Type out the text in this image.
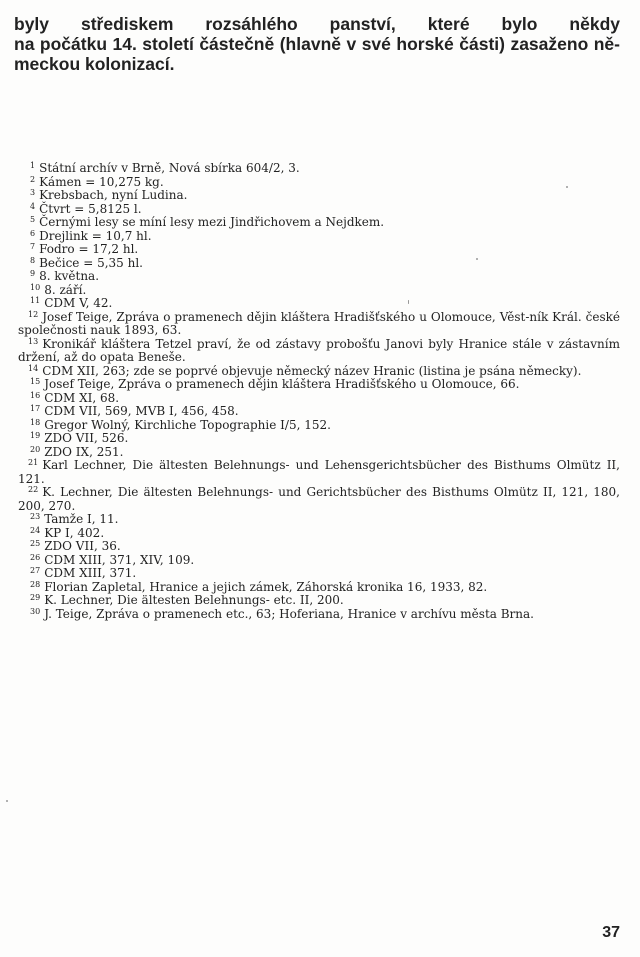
byly střediskem rozsáhlého panství, které bylo někdy
na počátku 14. století částečně (hlavně v své horské části) zasaženo ně-
meckou kolonizací.
$^1$ Státní archív v Brně, Nová sbírka 604/2, 3.
$^2$ Kámen = 10,275 kg.
$^3$ Krebsbach, nyní Ludina.
$^4$ Čtvrt = 5,8125 l.
$^5$ Černými lesy se míní lesy mezi Jindřichovem a Nejdkem.
$^6$ Drejlink = 10,7 hl.
$^7$ Fodro = 17,2 hl.
$^8$ Bečice = 5,35 hl.
$^9$ 8. května.
$^{10}$ 8. září.
$^{11}$ CDM V, 42.
$^{12}$ Josef Teige, Zpráva o pramenech dějin kláštera Hradišťského u Olomouce, Věst-ník Král. české společnosti nauk 1893, 63.
$^{13}$ Kronikář kláštera Tetzel praví, že od zástavy probošťu Janovi byly Hranice stále v zástavním držení, až do opata Beneše.
$^{14}$ CDM XII, 263; zde se poprvé objevuje německý název Hranic (listina je psána německy).
$^{15}$ Josef Teige, Zpráva o pramenech dějin kláštera Hradišťského u Olomouce, 66.
$^{16}$ CDM XI, 68.
$^{17}$ CDM VII, 569, MVB I, 456, 458.
$^{18}$ Gregor Wolný, Kirchliche Topographie I/5, 152.
$^{19}$ ZDO VII, 526.
$^{20}$ ZDO IX, 251.
$^{21}$ Karl Lechner, Die ältesten Belehnungs- und Lehensgerichtsbücher des Bisthums Olmütz II, 121.
$^{22}$ K. Lechner, Die ältesten Belehnungs- und Gerichtsbücher des Bisthums Olmütz II, 121, 180, 200, 270.
$^{23}$ Tamže I, 11.
$^{24}$ KP I, 402.
$^{25}$ ZDO VII, 36.
$^{26}$ CDM XIII, 371, XIV, 109.
$^{27}$ CDM XIII, 371.
$^{28}$ Florian Zapletal, Hranice a jejich zámek, Záhorská kronika 16, 1933, 82.
$^{29}$ K. Lechner, Die ältesten Belehnungs- etc. II, 200.
$^{30}$ J. Teige, Zpráva o pramenech etc., 63; Hoferiana, Hranice v archívu města Brna.
37
